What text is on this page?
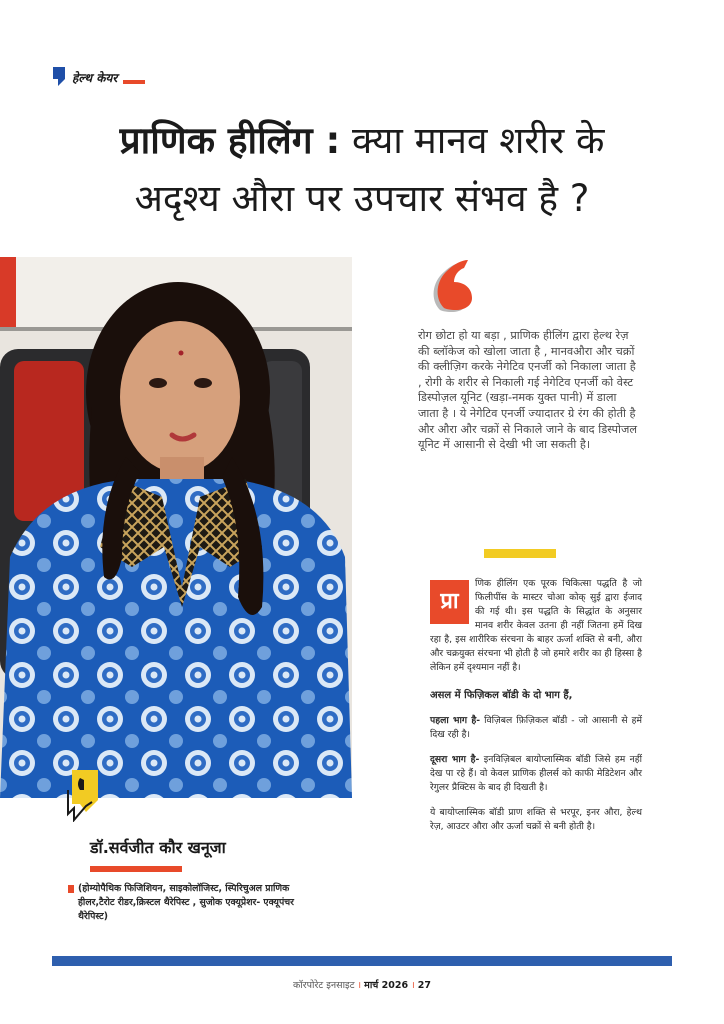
हेल्थ केयर
प्राणिक हीलिंग : क्या मानव शरीर के
अदृश्य औरा पर उपचार संभव है ?
रोग छोटा हो या बड़ा , प्राणिक हीलिंग द्वारा हेल्थ रेज़ की ब्लॉकेज को खोला जाता है , मानवऔरा और चक्रों की क्लीज़िग करके नेगेटिव एनर्जी को निकाला जाता है , रोगी के शरीर से निकाली गई नेगेटिव एनर्जी को वेस्ट डिस्पोज़ल यूनिट (खड़ा-नमक युक्त पानी) में डाला जाता है । ये नेगेटिव एनर्जी ज्यादातर ग्रे रंग की होती है और औरा और चक्रों से निकाले जाने के बाद डिस्पोजल यूनिट में आसानी से देखी भी जा सकती है।

प्रा
णिक हीलिंग एक पूरक चिकित्सा पद्धति है जो फिलीपींस के मास्टर चोआ कोक् सुई द्वारा ईजाद की गई थी। इस पद्धति के सिद्धांत के अनुसार मानव शरीर केवल उतना ही नहीं जितना हमें दिख रहा है, इस शारीरिक संरचना के बाहर ऊर्जा शक्ति से बनी, औरा और चक्रयुक्त संरचना भी होती है जो हमारे शरीर का ही हिस्सा है लेकिन हमें दृश्यमान नहीं है।

असल में फिज़िकल बॉडी के दो भाग हैं,

पहला भाग है- विज़िबल फ़िज़िकल बॉडी - जो आसानी से हमें दिख रही है।

दूसरा भाग है- इनविज़िबल बायोप्लास्मिक बॉडी जिसे हम नहीं देख पा रहे हैं। वो केवल प्राणिक हीलर्स को काफी मेडिटेशन और रेगुलर प्रैक्टिस के बाद ही दिखती है।

ये बायोप्लास्मिक बॉडी प्राण शक्ति से भरपूर, इनर औरा, हेल्थ रेज़, आउटर औरा और ऊर्जा चक्रों से बनी होती है।

डॉ.सर्वजीत कौर खनूजा
(होम्योपैथिक फिजिशियन, साइकोलॉजिस्ट, स्पिरिचुअल प्राणिक हीलर,टैरोट रीडर,क्रिस्टल थैरेपिस्ट , सुजोक एक्यूप्रेशर- एक्यूपंचर थैरेपिस्ट)
कॉरपोरेट इनसाइट । मार्च 2026 । 27
